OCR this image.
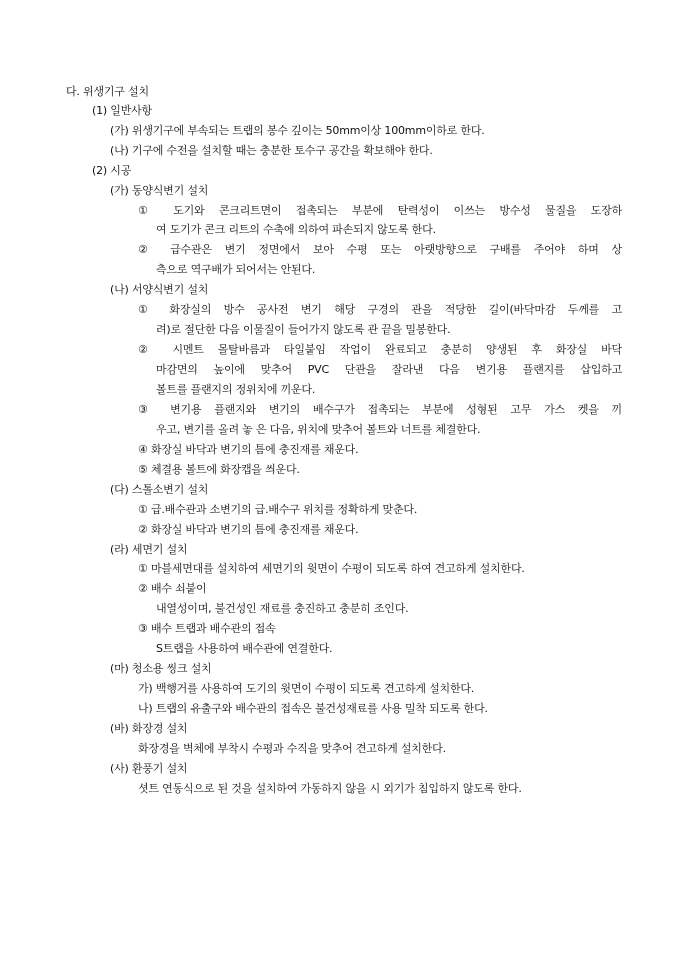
다. 위생기구 설치
(1) 일반사항
(가) 위생기구에 부속되는 트랩의 봉수 깊이는 50mm이상 100mm이하로 한다.
(나) 기구에 수전을 설치할 때는 충분한 토수구 공간을 확보해야 한다.
(2) 시공
(가) 동양식변기 설치
① 도기와 콘크리트면이 접촉되는 부분에 탄력성이 이쓰는 방수성 물질을 도장하
여 도기가 콘크 리트의 수축에 의하여 파손되지 않도록 한다.
② 급수관은 변기 정면에서 보아 수평 또는 아랫방향으로 구배를 주어야 하며 상
측으로 역구배가 되어서는 안된다.
(나) 서양식변기 설치
① 화장실의 방수 공사전 변기 해당 구경의 관을 적당한 길이(바닥마감 두께를 고
려)로 절단한 다음 이물질이 들어가지 않도록 관 끝을 밀봉한다.
② 시멘트 몰탈바름과 타일붙임 작업이 완료되고 충분히 양생된 후 화장실 바닥
마감면의 높이에 맞추어 PVC 단관을 잘라낸 다음 변기용 플랜지를 삽입하고
볼트를 플랜지의 정위치에 끼운다.
③ 변기용 플랜지와 변기의 배수구가 접촉되는 부분에 성형된 고무 가스 켓을 끼
우고, 변기를 올려 놓 은 다음, 위치에 맞추어 볼트와 너트를 체결한다.
④ 화장실 바닥과 변기의 틈에 충진재를 채운다.
⑤ 체결용 볼트에 화장캡을 씌운다.
(다) 스톨소변기 설치
① 급.배수관과 소변기의 급.배수구 위치를 정확하게 맞춘다.
② 화장실 바닥과 변기의 틈에 충진재를 채운다.
(라) 세면기 설치
① 마블세면대를 설치하여 세면기의 윗면이 수평이 되도록 하여 견고하게 설치한다.
② 배수 쇠붙이
내열성이며, 불건성인 재료를 충진하고 충분히 조인다.
③ 배수 트랩과 배수관의 접속
S트랩을 사용하여 배수관에 연결한다.
(마) 청소용 씽크 설치
가) 백행거를 사용하여 도기의 윗면이 수평이 되도록 견고하게 설치한다.
나) 트랩의 유출구와 배수관의 접속은 불건성재료를 사용 밀착 되도록 한다.
(바) 화장경 설치
화장경을 벽체에 부착시 수평과 수직을 맞추어 견고하게 설치한다.
(사) 환풍기 설치
셧트 연동식으로 된 것을 설치하여 가동하지 않을 시 외기가 침입하지 않도록 한다.
